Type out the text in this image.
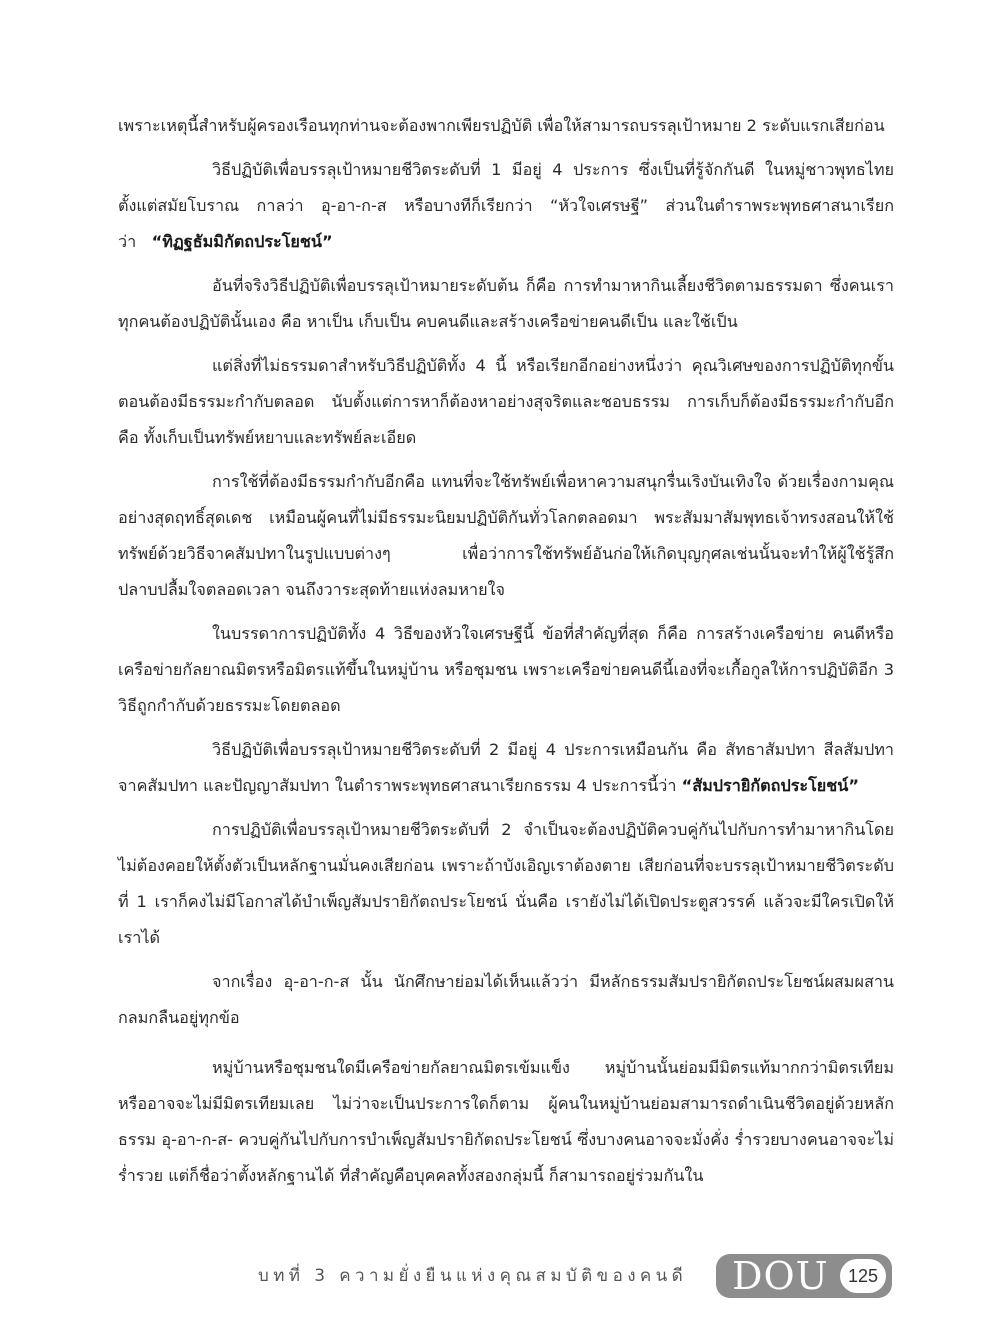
เพราะเหตุนี้สำหรับผู้ครองเรือนทุกท่านจะต้องพากเพียรปฏิบัติ เพื่อให้สามารถบรรลุเป้าหมาย 2 ระดับแรกเสียก่อน

วิธีปฏิบัติเพื่อบรรลุเป้าหมายชีวิตระดับที่ 1 มีอยู่ 4 ประการ ซึ่งเป็นที่รู้จักกันดี ในหมู่ชาวพุทธไทยตั้งแต่สมัยโบราณ กาลว่า อุ-อา-ก-ส หรือบางทีก็เรียกว่า “หัวใจเศรษฐี” ส่วนในตำราพระพุทธศาสนาเรียกว่า “ทิฏฐธัมมิกัตถประโยชน์”

อันที่จริงวิธีปฏิบัติเพื่อบรรลุเป้าหมายระดับต้น ก็คือ การทำมาหากินเลี้ยงชีวิตตามธรรมดา ซึ่งคนเราทุกคนต้องปฏิบัตินั้นเอง คือ หาเป็น เก็บเป็น คบคนดีและสร้างเครือข่ายคนดีเป็น และใช้เป็น

แต่สิ่งที่ไม่ธรรมดาสำหรับวิธีปฏิบัติทั้ง 4 นี้ หรือเรียกอีกอย่างหนึ่งว่า คุณวิเศษของการปฏิบัติทุกขั้นตอนต้องมีธรรมะกำกับตลอด นับตั้งแต่การหาก็ต้องหาอย่างสุจริตและชอบธรรม การเก็บก็ต้องมีธรรมะกำกับอีก คือ ทั้งเก็บเป็นทรัพย์หยาบและทรัพย์ละเอียด

การใช้ที่ต้องมีธรรมกำกับอีกคือ แทนที่จะใช้ทรัพย์เพื่อหาความสนุกรื่นเริงบันเทิงใจ ด้วยเรื่องกามคุณอย่างสุดฤทธิ์สุดเดช เหมือนผู้คนที่ไม่มีธรรมะนิยมปฏิบัติกันทั่วโลกตลอดมา พระสัมมาสัมพุทธเจ้าทรงสอนให้ใช้ทรัพย์ด้วยวิธีจาคสัมปทาในรูปแบบต่างๆ เพื่อว่าการใช้ทรัพย์อันก่อให้เกิดบุญกุศลเช่นนั้นจะทำให้ผู้ใช้รู้สึกปลาบปลื้มใจตลอดเวลา จนถึงวาระสุดท้ายแห่งลมหายใจ

ในบรรดาการปฏิบัติทั้ง 4 วิธีของหัวใจเศรษฐีนี้ ข้อที่สำคัญที่สุด ก็คือ การสร้างเครือข่าย คนดีหรือเครือข่ายกัลยาณมิตรหรือมิตรแท้ขึ้นในหมู่บ้าน หรือชุมชน เพราะเครือข่ายคนดีนี้เองที่จะเกื้อกูลให้การปฏิบัติอีก 3 วิธีถูกกำกับด้วยธรรมะโดยตลอด

วิธีปฏิบัติเพื่อบรรลุเป้าหมายชีวิตระดับที่ 2 มีอยู่ 4 ประการเหมือนกัน คือ สัทธาสัมปทา สีลสัมปทา จาคสัมปทา และปัญญาสัมปทา ในตำราพระพุทธศาสนาเรียกธรรม 4 ประการนี้ว่า “สัมปรายิกัตถประโยชน์”

การปฏิบัติเพื่อบรรลุเป้าหมายชีวิตระดับที่ 2 จำเป็นจะต้องปฏิบัติควบคู่กันไปกับการทำมาหากินโดยไม่ต้องคอยให้ตั้งตัวเป็นหลักฐานมั่นคงเสียก่อน เพราะถ้าบังเอิญเราต้องตาย เสียก่อนที่จะบรรลุเป้าหมายชีวิตระดับที่ 1 เราก็คงไม่มีโอกาสได้บำเพ็ญสัมปรายิกัตถประโยชน์ นั่นคือ เรายังไม่ได้เปิดประตูสวรรค์ แล้วจะมีใครเปิดให้เราได้

จากเรื่อง อุ-อา-ก-ส นั้น นักศึกษาย่อมได้เห็นแล้วว่า มีหลักธรรมสัมปรายิกัตถประโยชน์ผสมผสาน กลมกลืนอยู่ทุกข้อ

หมู่บ้านหรือชุมชนใดมีเครือข่ายกัลยาณมิตรเข้มแข็ง หมู่บ้านนั้นย่อมมีมิตรแท้มากกว่ามิตรเทียม หรืออาจจะไม่มีมิตรเทียมเลย ไม่ว่าจะเป็นประการใดก็ตาม ผู้คนในหมู่บ้านย่อมสามารถดำเนินชีวิตอยู่ด้วยหลักธรรม อุ-อา-ก-ส- ควบคู่กันไปกับการบำเพ็ญสัมปรายิกัตถประโยชน์ ซึ่งบางคนอาจจะมั่งคั่ง ร่ำรวยบางคนอาจจะไม่ร่ำรวย แต่ก็ชื่อว่าตั้งหลักฐานได้ ที่สำคัญคือบุคคลทั้งสองกลุ่มนี้ ก็สามารถอยู่ร่วมกันใน

บทที่ 3 ความยั่งยืนแห่งคุณสมบัติของคนดี DOU	125
